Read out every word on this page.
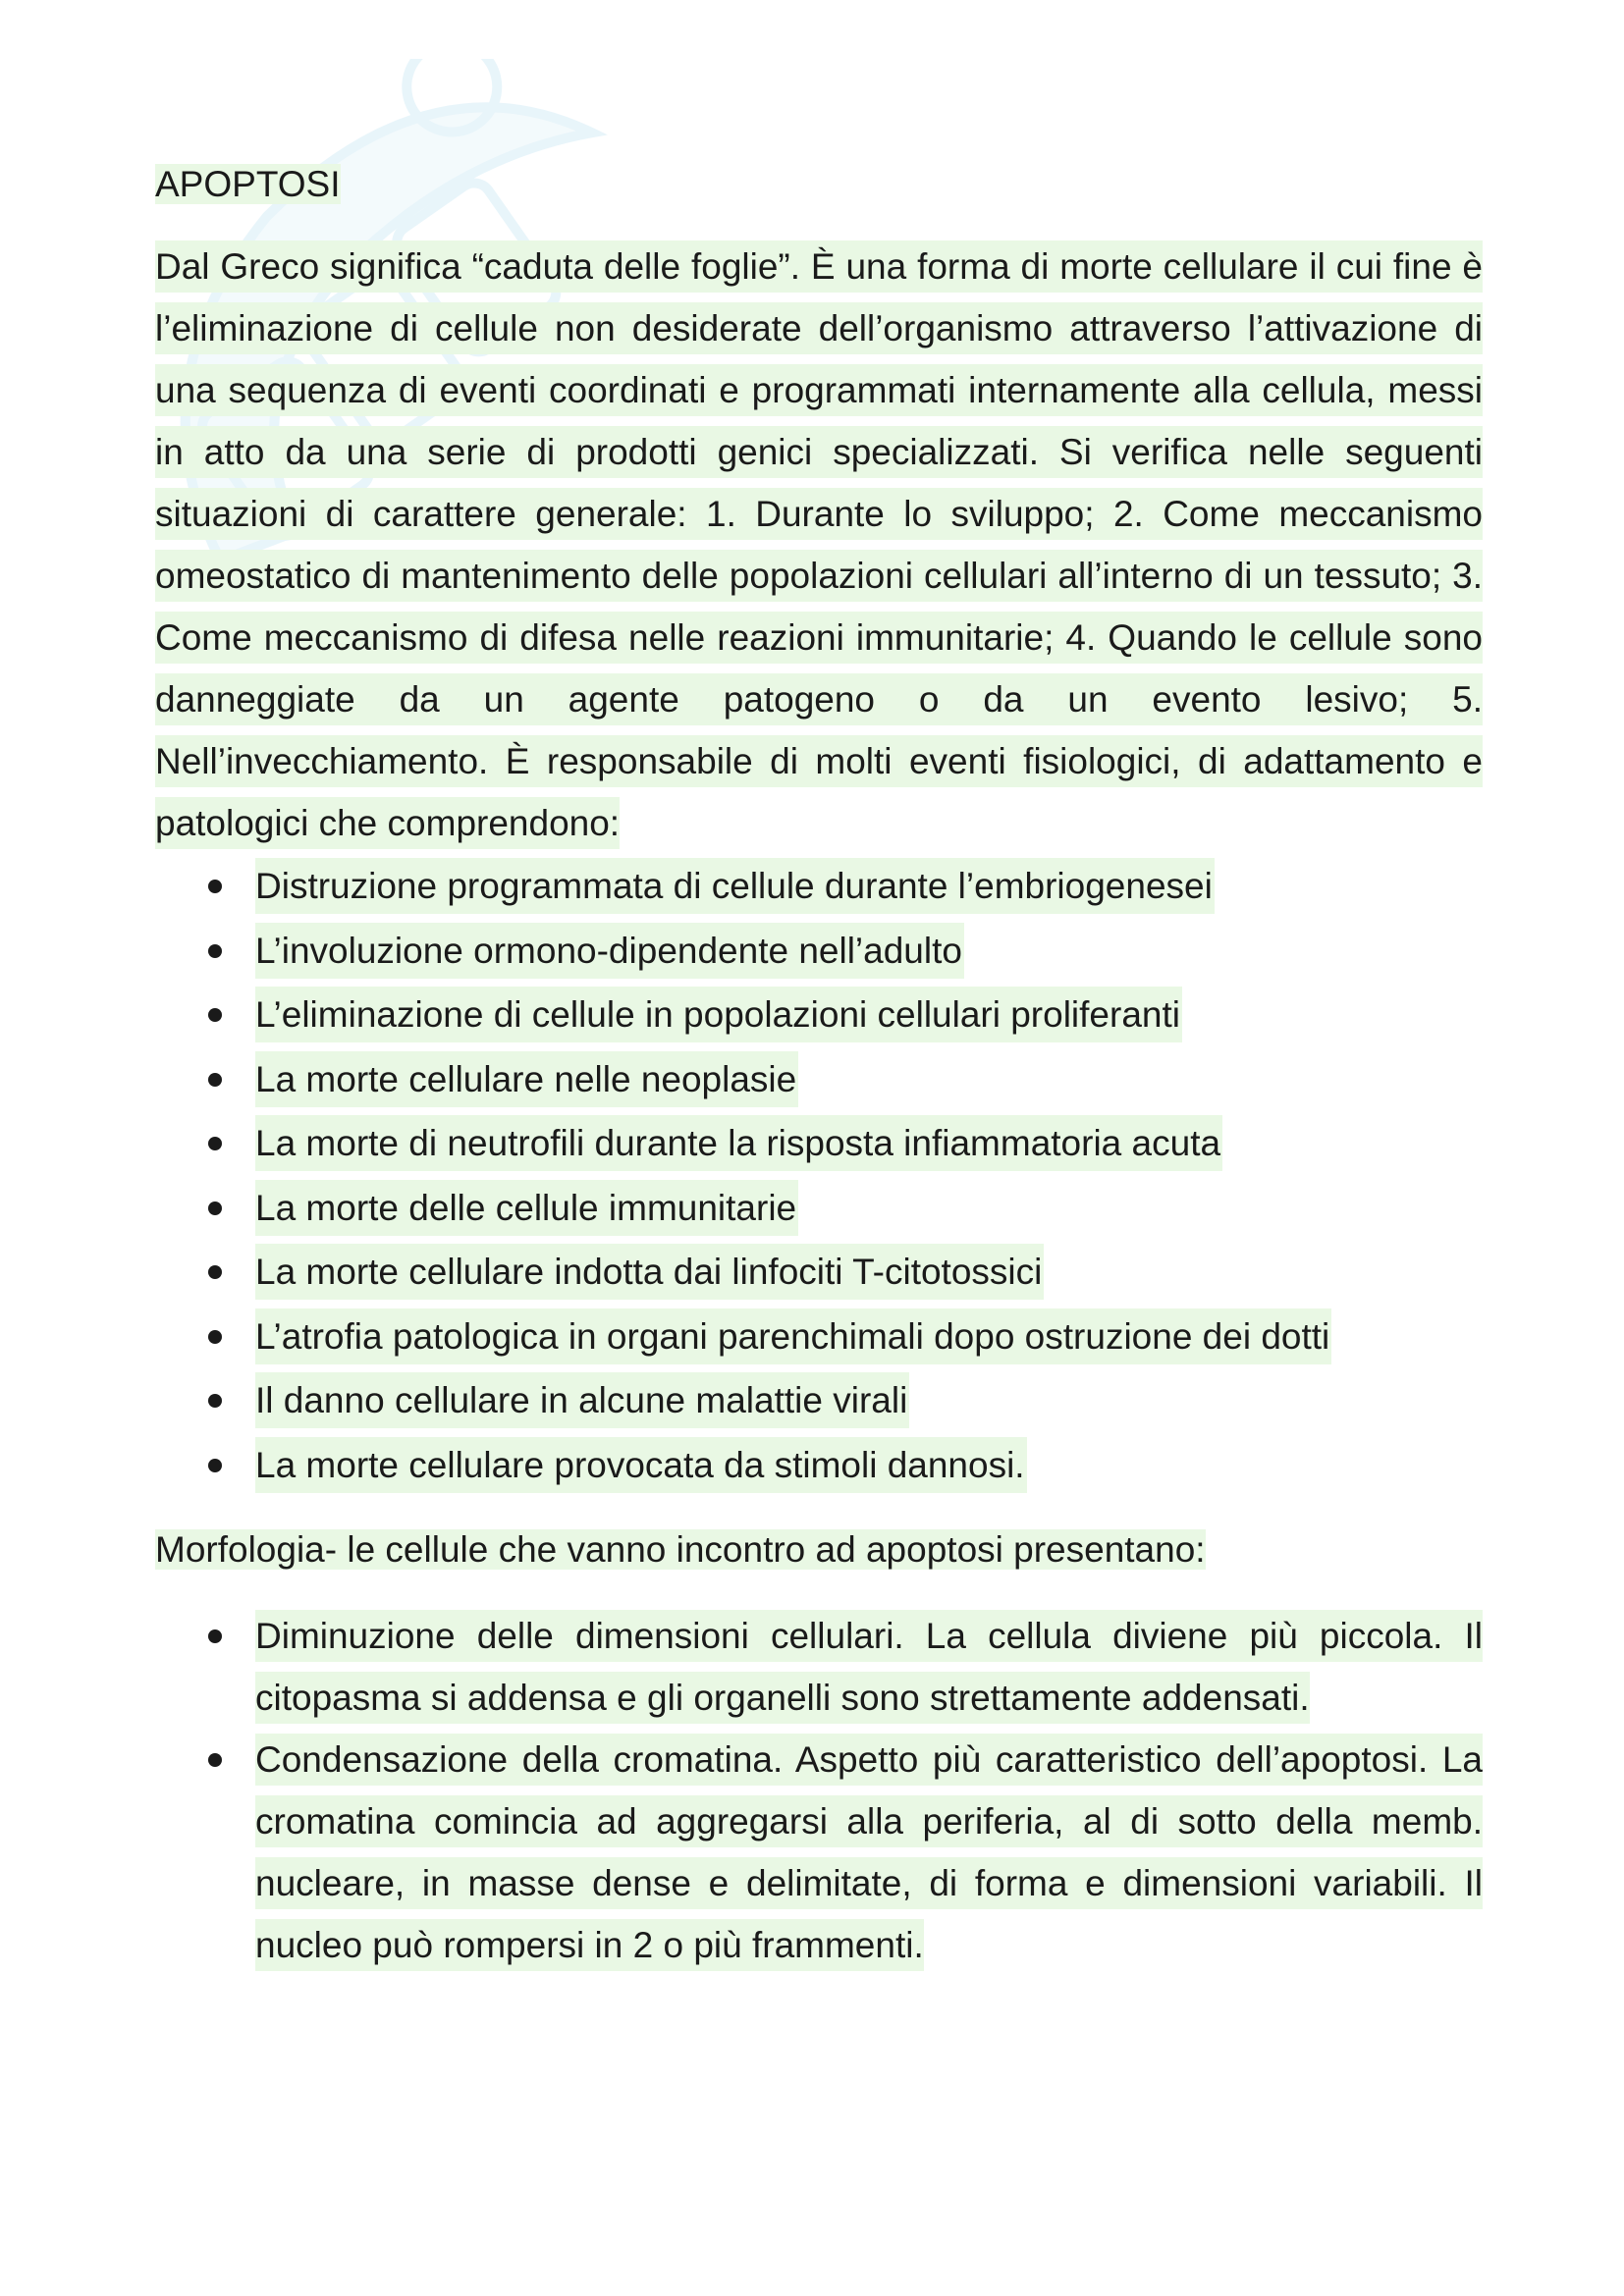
APOPTOSI

Dal Greco significa “caduta delle foglie”. È una forma di morte cellulare il cui fine è l’eliminazione di cellule non desiderate dell’organismo attraverso l’attivazione di una sequenza di eventi coordinati e programmati internamente alla cellula, messi in atto da una serie di prodotti genici specializzati. Si verifica nelle seguenti situazioni di carattere generale: 1. Durante lo sviluppo; 2. Come meccanismo omeostatico di mantenimento delle popolazioni cellulari all’interno di un tessuto; 3. Come meccanismo di difesa nelle reazioni immunitarie; 4. Quando le cellule sono danneggiate da un agente patogeno o da un evento lesivo; 5. Nell’invecchiamento. È responsabile di molti eventi fisiologici, di adattamento e patologici che comprendono:

Distruzione programmata di cellule durante l’embriogenesei
L’involuzione ormono-dipendente nell’adulto
L’eliminazione di cellule in popolazioni cellulari proliferanti
La morte cellulare nelle neoplasie
La morte di neutrofili durante la risposta infiammatoria acuta
La morte delle cellule immunitarie
La morte cellulare indotta dai linfociti T-citotossici
L’atrofia patologica in organi parenchimali dopo ostruzione dei dotti
Il danno cellulare in alcune malattie virali
La morte cellulare provocata da stimoli dannosi.

Morfologia- le cellule che vanno incontro ad apoptosi presentano:

Diminuzione delle dimensioni cellulari. La cellula diviene più piccola. Il citopasma si addensa e gli organelli sono strettamente addensati.
Condensazione della cromatina. Aspetto più caratteristico dell’apoptosi. La cromatina comincia ad aggregarsi alla periferia, al di sotto della memb. nucleare, in masse dense e delimitate, di forma e dimensioni variabili. Il nucleo può rompersi in 2 o più frammenti.
